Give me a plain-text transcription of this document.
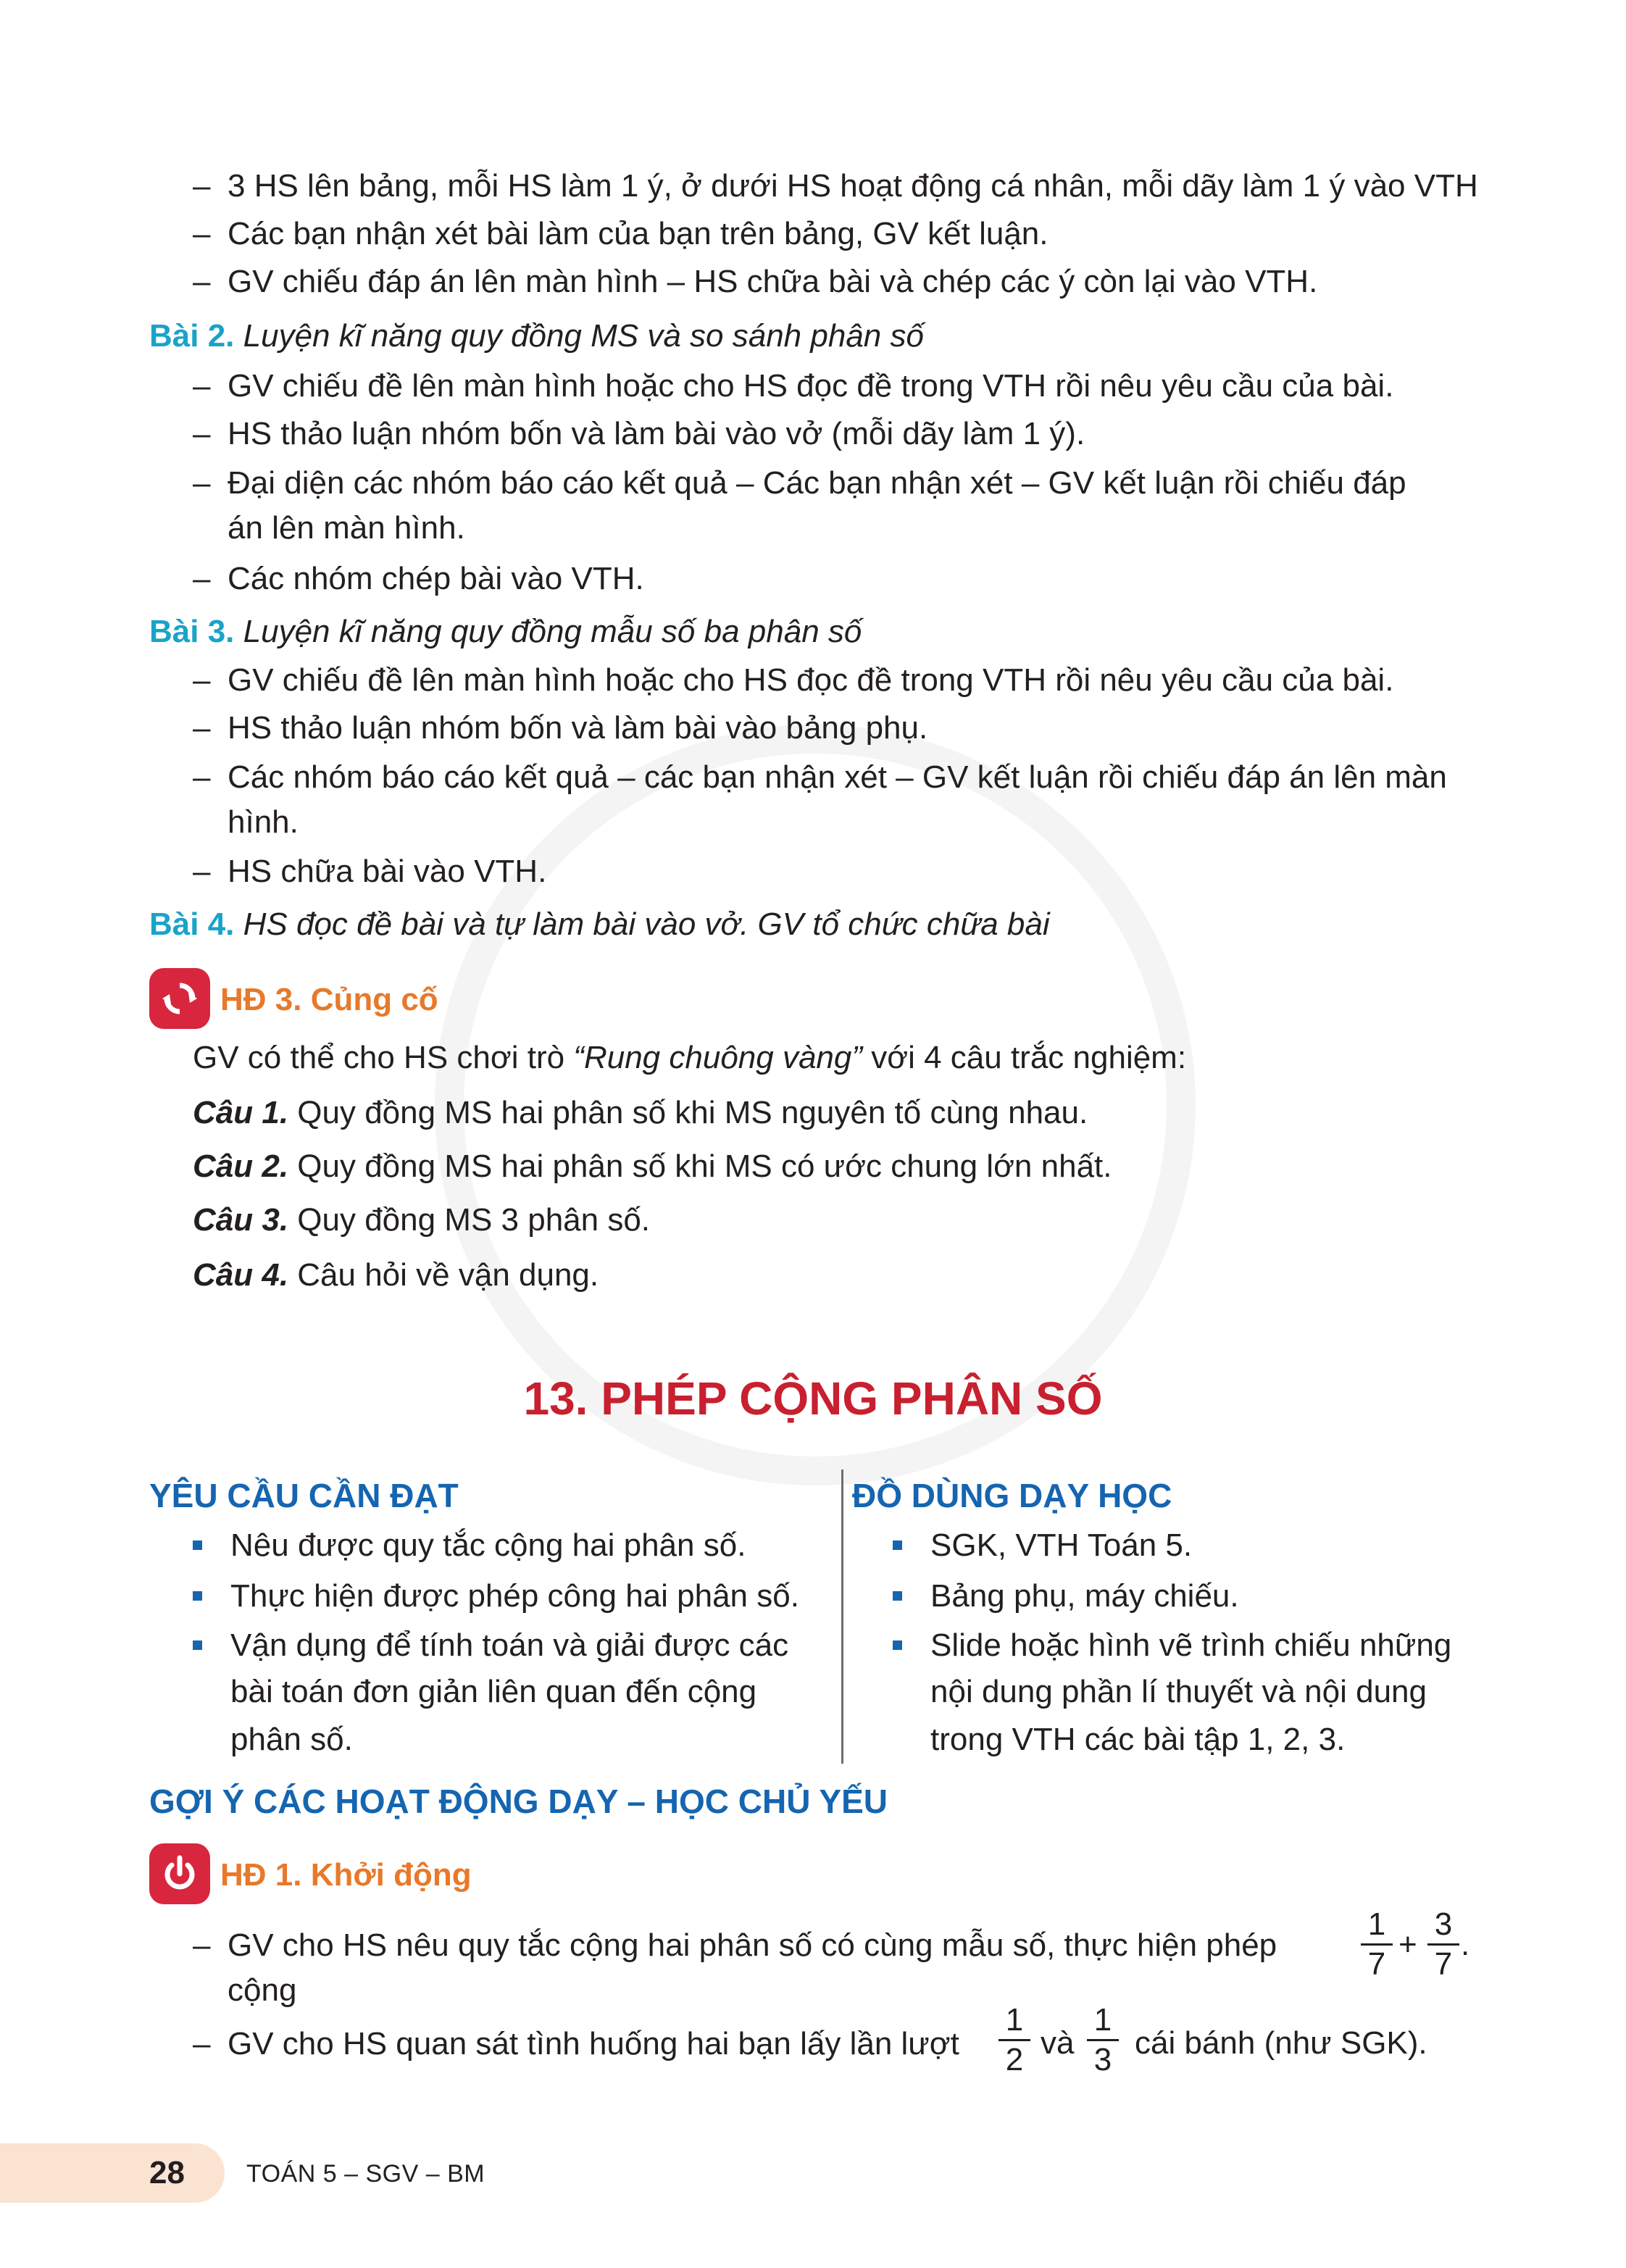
– 3 HS lên bảng, mỗi HS làm 1 ý, ở dưới HS hoạt động cá nhân, mỗi dãy làm 1 ý vào VTH
– Các bạn nhận xét bài làm của bạn trên bảng, GV kết luận.
– GV chiếu đáp án lên màn hình – HS chữa bài và chép các ý còn lại vào VTH.
Bài 2. Luyện kĩ năng quy đồng MS và so sánh phân số
– GV chiếu đề lên màn hình hoặc cho HS đọc đề trong VTH rồi nêu yêu cầu của bài.
– HS thảo luận nhóm bốn và làm bài vào vở (mỗi dãy làm 1 ý).
– Đại diện các nhóm báo cáo kết quả – Các bạn nhận xét – GV kết luận rồi chiếu đáp
án lên màn hình.
– Các nhóm chép bài vào VTH.
Bài 3. Luyện kĩ năng quy đồng mẫu số ba phân số
– GV chiếu đề lên màn hình hoặc cho HS đọc đề trong VTH rồi nêu yêu cầu của bài.
– HS thảo luận nhóm bốn và làm bài vào bảng phụ.
– Các nhóm báo cáo kết quả – các bạn nhận xét – GV kết luận rồi chiếu đáp án lên màn
hình.
– HS chữa bài vào VTH.
Bài 4. HS đọc đề bài và tự làm bài vào vở. GV tổ chức chữa bài
HĐ 3. Củng cố
GV có thể cho HS chơi trò “Rung chuông vàng” với 4 câu trắc nghiệm:
Câu 1. Quy đồng MS hai phân số khi MS nguyên tố cùng nhau.
Câu 2. Quy đồng MS hai phân số khi MS có ước chung lớn nhất.
Câu 3. Quy đồng MS 3 phân số.
Câu 4. Câu hỏi về vận dụng.
13. PHÉP CỘNG PHÂN SỐ
YÊU CẦU CẦN ĐẠT
Nêu được quy tắc cộng hai phân số.
Thực hiện được phép công hai phân số.
Vận dụng để tính toán và giải được các
bài toán đơn giản liên quan đến cộng
phân số.
ĐỒ DÙNG DẠY HỌC
SGK, VTH Toán 5.
Bảng phụ, máy chiếu.
Slide hoặc hình vẽ trình chiếu những
nội dung phần lí thuyết và nội dung
trong VTH các bài tập 1, 2, 3.
GỢI Ý CÁC HOẠT ĐỘNG DẠY – HỌC CHỦ YẾU
HĐ 1. Khởi động
– GV cho HS nêu quy tắc cộng hai phân số có cùng mẫu số, thực hiện phép cộng
$\frac{1}{7} + \frac{3}{7}$ .
– GV cho HS quan sát tình huống hai bạn lấy lần lượt $\frac{1}{2}$ và $\frac{1}{3}$ cái bánh (như SGK).
28	TOÁN 5 – SGV – BM
